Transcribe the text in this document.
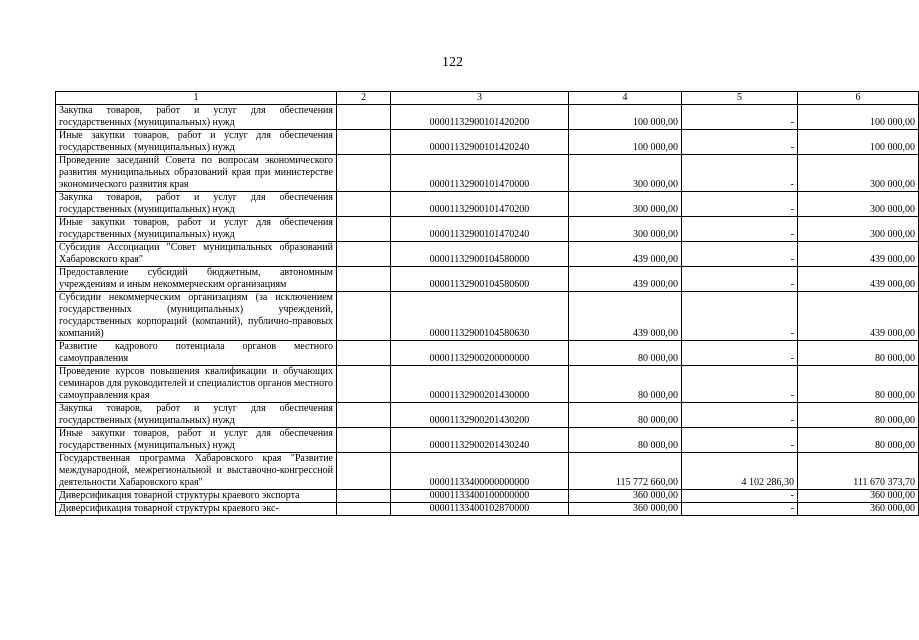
122
1	2	3	4	5	6
Закупка товаров, работ и услуг для обеспечения государственных (муниципальных) нужд		00001132900101420200	100 000,00	-	100 000,00
Иные закупки товаров, работ и услуг для обеспечения государственных (муниципальных) нужд		00001132900101420240	100 000,00	-	100 000,00
Проведение заседаний Совета по вопросам экономического развития муниципальных образований края при министерстве экономического развития края		00001132900101470000	300 000,00	-	300 000,00
Закупка товаров, работ и услуг для обеспечения государственных (муниципальных) нужд		00001132900101470200	300 000,00	-	300 000,00
Иные закупки товаров, работ и услуг для обеспечения государственных (муниципальных) нужд		00001132900101470240	300 000,00	-	300 000,00
Субсидия Ассоциации "Совет муниципальных образований Хабаровского края"		00001132900104580000	439 000,00	-	439 000,00
Предоставление субсидий бюджетным, автономным учреждениям и иным некоммерческим организациям		00001132900104580600	439 000,00	-	439 000,00
Субсидии некоммерческим организациям (за исключением государственных (муниципальных) учреждений, государственных корпораций (компаний), публично-правовых компаний)		00001132900104580630	439 000,00	-	439 000,00
Развитие кадрового потенциала органов местного самоуправления		00001132900200000000	80 000,00	-	80 000,00
Проведение курсов повышения квалификации и обучающих семинаров для руководителей и специалистов органов местного самоуправления края		00001132900201430000	80 000,00	-	80 000,00
Закупка товаров, работ и услуг для обеспечения государственных (муниципальных) нужд		00001132900201430200	80 000,00	-	80 000,00
Иные закупки товаров, работ и услуг для обеспечения государственных (муниципальных) нужд		00001132900201430240	80 000,00	-	80 000,00
Государственная программа Хабаровского края "Развитие международной, межрегиональной и выставочно-конгрессной деятельности Хабаровского края"		00001133400000000000	115 772 660,00	4 102 286,30	111 670 373,70
Диверсификация товарной структуры краевого экспорта		00001133400100000000	360 000,00	-	360 000,00
Диверсификация товарной структуры краевого экс-		00001133400102870000	360 000,00	-	360 000,00
